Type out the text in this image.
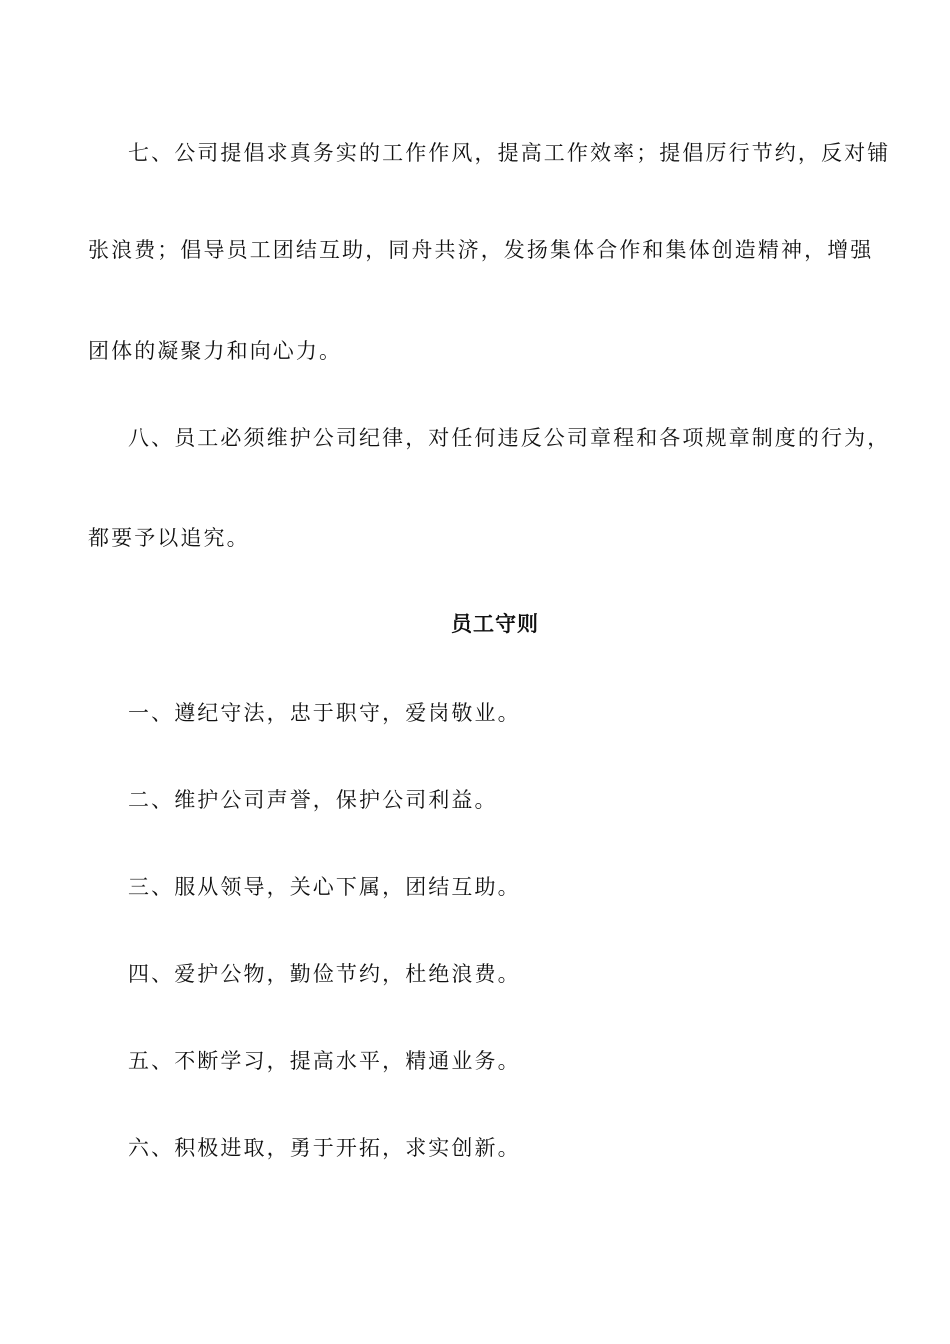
七、公司提倡求真务实的工作作风，提高工作效率；提倡厉行节约，反对铺
张浪费；倡导员工团结互助，同舟共济，发扬集体合作和集体创造精神，增强
团体的凝聚力和向心力。
八、员工必须维护公司纪律，对任何违反公司章程和各项规章制度的行为，
都要予以追究。
员工守则
一、遵纪守法，忠于职守，爱岗敬业。
二、维护公司声誉，保护公司利益。
三、服从领导，关心下属，团结互助。
四、爱护公物，勤俭节约，杜绝浪费。
五、不断学习，提高水平，精通业务。
六、积极进取，勇于开拓，求实创新。
